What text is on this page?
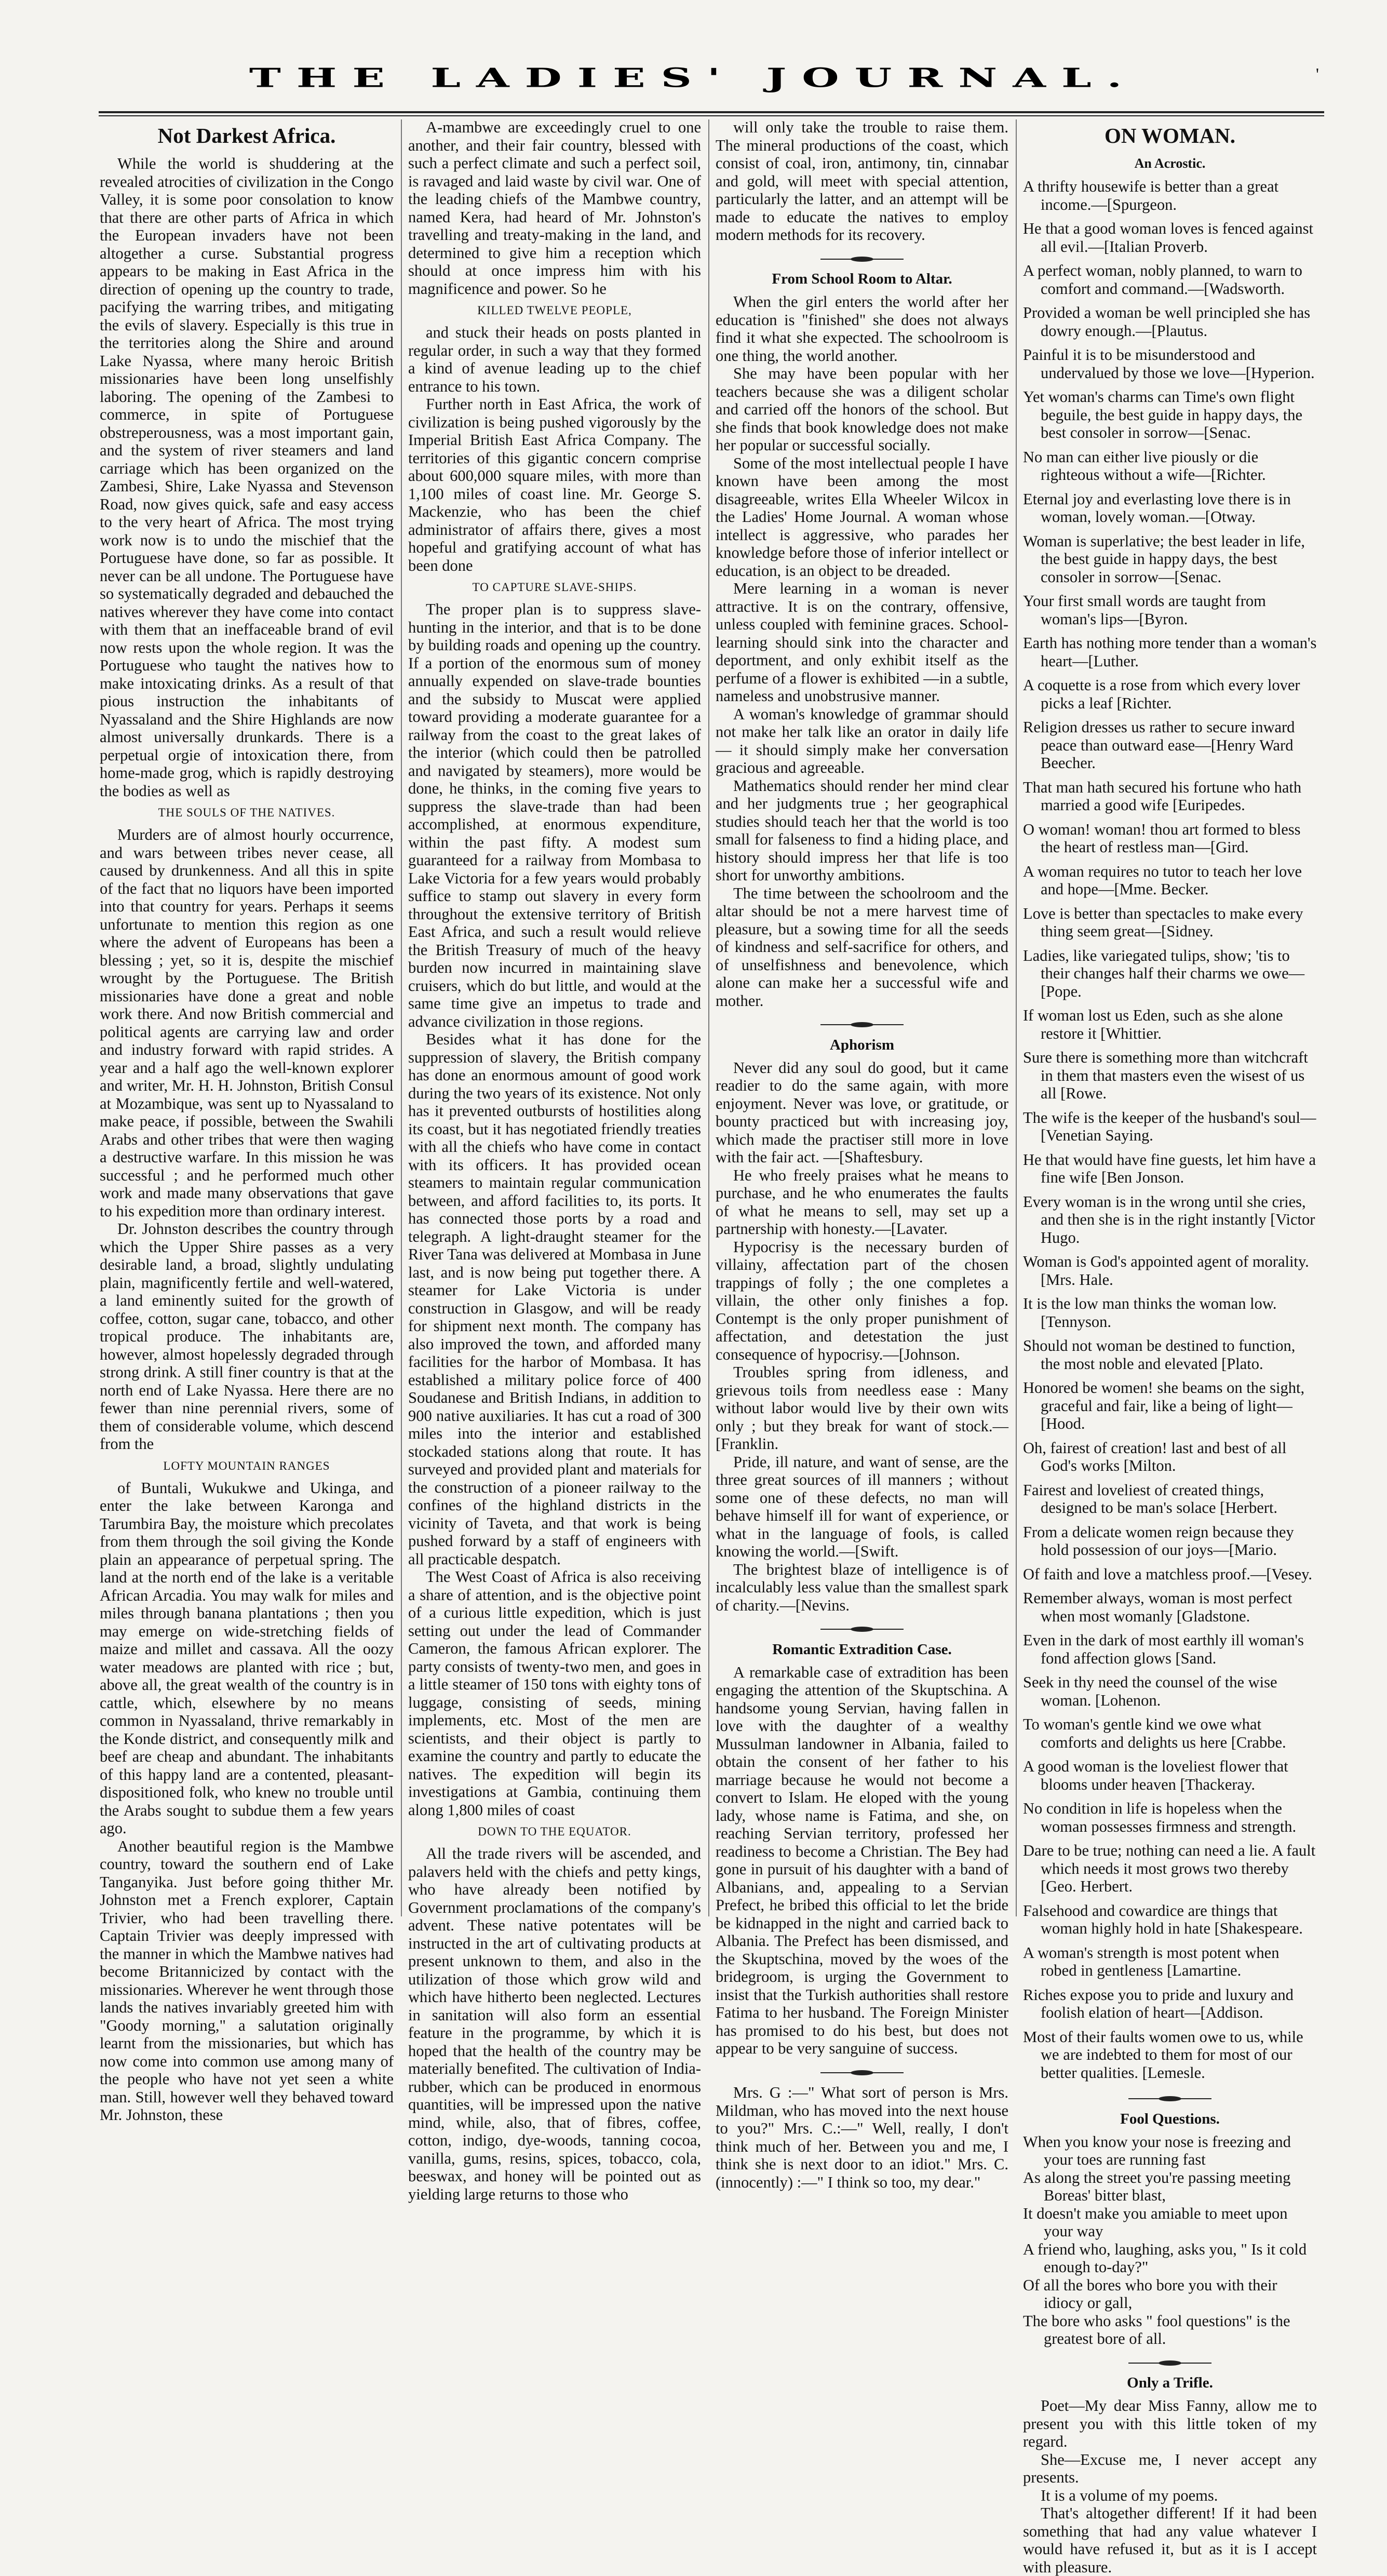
THE LADIES' JOURNAL.	'
Not Darkest Africa.

While the world is shuddering at the revealed atrocities of civilization in the Congo Valley, it is some poor consolation to know that there are other parts of Africa in which the European invaders have not been altogether a curse. Substantial progress appears to be making in East Africa in the direction of opening up the country to trade, pacifying the warring tribes, and mitigating the evils of slavery. Especially is this true in the territories along the Shire and around Lake Nyassa, where many heroic British missionaries have been long unselfishly laboring. The opening of the Zambesi to commerce, in spite of Portuguese obstreperousness, was a most important gain, and the system of river steamers and land carriage which has been organized on the Zambesi, Shire, Lake Nyassa and Stevenson Road, now gives quick, safe and easy access to the very heart of Africa. The most trying work now is to undo the mischief that the Portuguese have done, so far as possible. It never can be all undone. The Portuguese have so systematically degraded and debauched the natives wherever they have come into contact with them that an ineffaceable brand of evil now rests upon the whole region. It was the Portuguese who taught the natives how to make intoxicating drinks. As a result of that pious instruction the inhabitants of Nyassaland and the Shire Highlands are now almost universally drunkards. There is a perpetual orgie of intoxication there, from home-made grog, which is rapidly destroying the bodies as well as

THE SOULS OF THE NATIVES.

Murders are of almost hourly occurrence, and wars between tribes never cease, all caused by drunkenness. And all this in spite of the fact that no liquors have been imported into that country for years. Perhaps it seems unfortunate to mention this region as one where the advent of Europeans has been a blessing ; yet, so it is, despite the mischief wrought by the Portuguese. The British missionaries have done a great and noble work there. And now British commercial and political agents are carrying law and order and industry forward with rapid strides. A year and a half ago the well-known explorer and writer, Mr. H. H. Johnston, British Consul at Mozambique, was sent up to Nyassaland to make peace, if possible, between the Swahili Arabs and other tribes that were then waging a destructive warfare. In this mission he was successful ; and he performed much other work and made many observations that gave to his expedition more than ordinary interest.

Dr. Johnston describes the country through which the Upper Shire passes as a very desirable land, a broad, slightly undulating plain, magnificently fertile and well-watered, a land eminently suited for the growth of coffee, cotton, sugar cane, tobacco, and other tropical produce. The inhabitants are, however, almost hopelessly degraded through strong drink. A still finer country is that at the north end of Lake Nyassa. Here there are no fewer than nine perennial rivers, some of them of considerable volume, which descend from the

LOFTY MOUNTAIN RANGES

of Buntali, Wukukwe and Ukinga, and enter the lake between Karonga and Tarumbira Bay, the moisture which precolates from them through the soil giving the Konde plain an appearance of perpetual spring. The land at the north end of the lake is a veritable African Arcadia. You may walk for miles and miles through banana plantations ; then you may emerge on wide-stretching fields of maize and millet and cassava. All the oozy water meadows are planted with rice ; but, above all, the great wealth of the country is in cattle, which, elsewhere by no means common in Nyassaland, thrive remarkably in the Konde district, and consequently milk and beef are cheap and abundant. The inhabitants of this happy land are a contented, pleasant-dispositioned folk, who knew no trouble until the Arabs sought to subdue them a few years ago.

Another beautiful region is the Mambwe country, toward the southern end of Lake Tanganyika. Just before going thither Mr. Johnston met a French explorer, Captain Trivier, who had been travelling there. Captain Trivier was deeply impressed with the manner in which the Mambwe natives had become Britannicized by contact with the missionaries. Wherever he went through those lands the natives invariably greeted him with "Goody morning," a salutation originally learnt from the missionaries, but which has now come into common use among many of the people who have not yet seen a white man. Still, however well they behaved toward Mr. Johnston, these

A-mambwe are exceedingly cruel to one another, and their fair country, blessed with such a perfect climate and such a perfect soil, is ravaged and laid waste by civil war. One of the leading chiefs of the Mambwe country, named Kera, had heard of Mr. Johnston's travelling and treaty-making in the land, and determined to give him a reception which should at once impress him with his magnificence and power. So he

KILLED TWELVE PEOPLE,

and stuck their heads on posts planted in regular order, in such a way that they formed a kind of avenue leading up to the chief entrance to his town.

Further north in East Africa, the work of civilization is being pushed vigorously by the Imperial British East Africa Company. The territories of this gigantic concern comprise about 600,000 square miles, with more than 1,100 miles of coast line. Mr. George S. Mackenzie, who has been the chief administrator of affairs there, gives a most hopeful and gratifying account of what has been done

TO CAPTURE SLAVE-SHIPS.

The proper plan is to suppress slave-hunting in the interior, and that is to be done by building roads and opening up the country. If a portion of the enormous sum of money annually expended on slave-trade bounties and the subsidy to Muscat were applied toward providing a moderate guarantee for a railway from the coast to the great lakes of the interior (which could then be patrolled and navigated by steamers), more would be done, he thinks, in the coming five years to suppress the slave-trade than had been accomplished, at enormous expenditure, within the past fifty. A modest sum guaranteed for a railway from Mombasa to Lake Victoria for a few years would probably suffice to stamp out slavery in every form throughout the extensive territory of British East Africa, and such a result would relieve the British Treasury of much of the heavy burden now incurred in maintaining slave cruisers, which do but little, and would at the same time give an impetus to trade and advance civilization in those regions.

Besides what it has done for the suppression of slavery, the British company has done an enormous amount of good work during the two years of its existence. Not only has it prevented outbursts of hostilities along its coast, but it has negotiated friendly treaties with all the chiefs who have come in contact with its officers. It has provided ocean steamers to maintain regular communication between, and afford facilities to, its ports. It has connected those ports by a road and telegraph. A light-draught steamer for the River Tana was delivered at Mombasa in June last, and is now being put together there. A steamer for Lake Victoria is under construction in Glasgow, and will be ready for shipment next month. The company has also improved the town, and afforded many facilities for the harbor of Mombasa. It has established a military police force of 400 Soudanese and British Indians, in addition to 900 native auxiliaries. It has cut a road of 300 miles into the interior and established stockaded stations along that route. It has surveyed and provided plant and materials for the construction of a pioneer railway to the confines of the highland districts in the vicinity of Taveta, and that work is being pushed forward by a staff of engineers with all practicable despatch.

The West Coast of Africa is also receiving a share of attention, and is the objective point of a curious little expedition, which is just setting out under the lead of Commander Cameron, the famous African explorer. The party consists of twenty-two men, and goes in a little steamer of 150 tons with eighty tons of luggage, consisting of seeds, mining implements, etc. Most of the men are scientists, and their object is partly to examine the country and partly to educate the natives. The expedition will begin its investigations at Gambia, continuing them along 1,800 miles of coast

DOWN TO THE EQUATOR.

All the trade rivers will be ascended, and palavers held with the chiefs and petty kings, who have already been notified by Government proclamations of the company's advent. These native potentates will be instructed in the art of cultivating products at present unknown to them, and also in the utilization of those which grow wild and which have hitherto been neglected. Lectures in sanitation will also form an essential feature in the programme, by which it is hoped that the health of the country may be materially benefited. The cultivation of India-rubber, which can be produced in enormous quantities, will be impressed upon the native mind, while, also, that of fibres, coffee, cotton, indigo, dye-woods, tanning cocoa, vanilla, gums, resins, spices, tobacco, cola, beeswax, and honey will be pointed out as yielding large returns to those who

will only take the trouble to raise them. The mineral productions of the coast, which consist of coal, iron, antimony, tin, cinnabar and gold, will meet with special attention, particularly the latter, and an attempt will be made to educate the natives to employ modern methods for its recovery.

From School Room to Altar.

When the girl enters the world after her education is "finished" she does not always find it what she expected. The schoolroom is one thing, the world another.

She may have been popular with her teachers because she was a diligent scholar and carried off the honors of the school. But she finds that book knowledge does not make her popular or successful socially.

Some of the most intellectual people I have known have been among the most disagreeable, writes Ella Wheeler Wilcox in the Ladies' Home Journal. A woman whose intellect is aggressive, who parades her knowledge before those of inferior intellect or education, is an object to be dreaded.

Mere learning in a woman is never attractive. It is on the contrary, offensive, unless coupled with feminine graces. School-learning should sink into the character and deportment, and only exhibit itself as the perfume of a flower is exhibited —in a subtle, nameless and unobstrusive manner.

A woman's knowledge of grammar should not make her talk like an orator in daily life — it should simply make her conversation gracious and agreeable.

Mathematics should render her mind clear and her judgments true ; her geographical studies should teach her that the world is too small for falseness to find a hiding place, and history should impress her that life is too short for unworthy ambitions.

The time between the schoolroom and the altar should be not a mere harvest time of pleasure, but a sowing time for all the seeds of kindness and self-sacrifice for others, and of unselfishness and benevolence, which alone can make her a successful wife and mother.

Aphorism

Never did any soul do good, but it came readier to do the same again, with more enjoyment. Never was love, or gratitude, or bounty practiced but with increasing joy, which made the practiser still more in love with the fair act. —[Shaftesbury.

He who freely praises what he means to purchase, and he who enumerates the faults of what he means to sell, may set up a partnership with honesty.—[Lavater.

Hypocrisy is the necessary burden of villainy, affectation part of the chosen trappings of folly ; the one completes a villain, the other only finishes a fop. Contempt is the only proper punishment of affectation, and detestation the just consequence of hypocrisy.—[Johnson.

Troubles spring from idleness, and grievous toils from needless ease : Many without labor would live by their own wits only ; but they break for want of stock.—[Franklin.

Pride, ill nature, and want of sense, are the three great sources of ill manners ; without some one of these defects, no man will behave himself ill for want of experience, or what in the language of fools, is called knowing the world.—[Swift.

The brightest blaze of intelligence is of incalculably less value than the smallest spark of charity.—[Nevins.

Romantic Extradition Case.

A remarkable case of extradition has been engaging the attention of the Skuptschina. A handsome young Servian, having fallen in love with the daughter of a wealthy Mussulman landowner in Albania, failed to obtain the consent of her father to his marriage because he would not become a convert to Islam. He eloped with the young lady, whose name is Fatima, and she, on reaching Servian territory, professed her readiness to become a Christian. The Bey had gone in pursuit of his daughter with a band of Albanians, and, appealing to a Servian Prefect, he bribed this official to let the bride be kidnapped in the night and carried back to Albania. The Prefect has been dismissed, and the Skuptschina, moved by the woes of the bridegroom, is urging the Government to insist that the Turkish authorities shall restore Fatima to her husband. The Foreign Minister has promised to do his best, but does not appear to be very sanguine of success.

Mrs. G :—" What sort of person is Mrs. Mildman, who has moved into the next house to you?" Mrs. C.:—" Well, really, I don't think much of her. Between you and me, I think she is next door to an idiot." Mrs. C. (innocently) :—" I think so too, my dear."

ON WOMAN.
An Acrostic.

A thrifty housewife is better than a great income.—[Spurgeon.

He that a good woman loves is fenced against all evil.—[Italian Proverb.

A perfect woman, nobly planned, to warn to comfort and command.—[Wadsworth.

Provided a woman be well principled she has dowry enough.—[Plautus.

Painful it is to be misunderstood and undervalued by those we love—[Hyperion.

Yet woman's charms can Time's own flight beguile, the best guide in happy days, the best consoler in sorrow—[Senac.

No man can either live piously or die righteous without a wife—[Richter.

Eternal joy and everlasting love there is in woman, lovely woman.—[Otway.

Woman is superlative; the best leader in life, the best guide in happy days, the best consoler in sorrow—[Senac.

Your first small words are taught from woman's lips—[Byron.

Earth has nothing more tender than a woman's heart—[Luther.

A coquette is a rose from which every lover picks a leaf [Richter.

Religion dresses us rather to secure inward peace than outward ease—[Henry Ward Beecher.

That man hath secured his fortune who hath married a good wife [Euripedes.

O woman! woman! thou art formed to bless the heart of restless man—[Gird.

A woman requires no tutor to teach her love and hope—[Mme. Becker.

Love is better than spectacles to make every thing seem great—[Sidney.

Ladies, like variegated tulips, show; 'tis to their changes half their charms we owe—[Pope.

If woman lost us Eden, such as she alone restore it [Whittier.

Sure there is something more than witchcraft in them that masters even the wisest of us all [Rowe.

The wife is the keeper of the husband's soul—[Venetian Saying.

He that would have fine guests, let him have a fine wife [Ben Jonson.

Every woman is in the wrong until she cries, and then she is in the right instantly [Victor Hugo.

Woman is God's appointed agent of morality. [Mrs. Hale.

It is the low man thinks the woman low. [Tennyson.

Should not woman be destined to function, the most noble and elevated [Plato.

Honored be women! she beams on the sight, graceful and fair, like a being of light—[Hood.

Oh, fairest of creation! last and best of all God's works [Milton.

Fairest and loveliest of created things, designed to be man's solace [Herbert.

From a delicate women reign because they hold possession of our joys—[Mario.

Of faith and love a matchless proof.—[Vesey.

Remember always, woman is most perfect when most womanly [Gladstone.

Even in the dark of most earthly ill woman's fond affection glows [Sand.

Seek in thy need the counsel of the wise woman. [Lohenon.

To woman's gentle kind we owe what comforts and delights us here [Crabbe.

A good woman is the loveliest flower that blooms under heaven [Thackeray.

No condition in life is hopeless when the woman possesses firmness and strength.

Dare to be true; nothing can need a lie. A fault which needs it most grows two thereby [Geo. Herbert.

Falsehood and cowardice are things that woman highly hold in hate [Shakespeare.

A woman's strength is most potent when robed in gentleness [Lamartine.

Riches expose you to pride and luxury and foolish elation of heart—[Addison.

Most of their faults women owe to us, while we are indebted to them for most of our better qualities. [Lemesle.

Fool Questions.

When you know your nose is freezing and your toes are running fast

As along the street you're passing meeting Boreas' bitter blast,

It doesn't make you amiable to meet upon your way

A friend who, laughing, asks you, " Is it cold enough to-day?"

Of all the bores who bore you with their idiocy or gall,

The bore who asks " fool questions" is the greatest bore of all.

Only a Trifle.

Poet—My dear Miss Fanny, allow me to present you with this little token of my regard.

She—Excuse me, I never accept any presents.

It is a volume of my poems.

That's altogether different! If it had been something that had any value whatever I would have refused it, but as it is I accept with pleasure.
